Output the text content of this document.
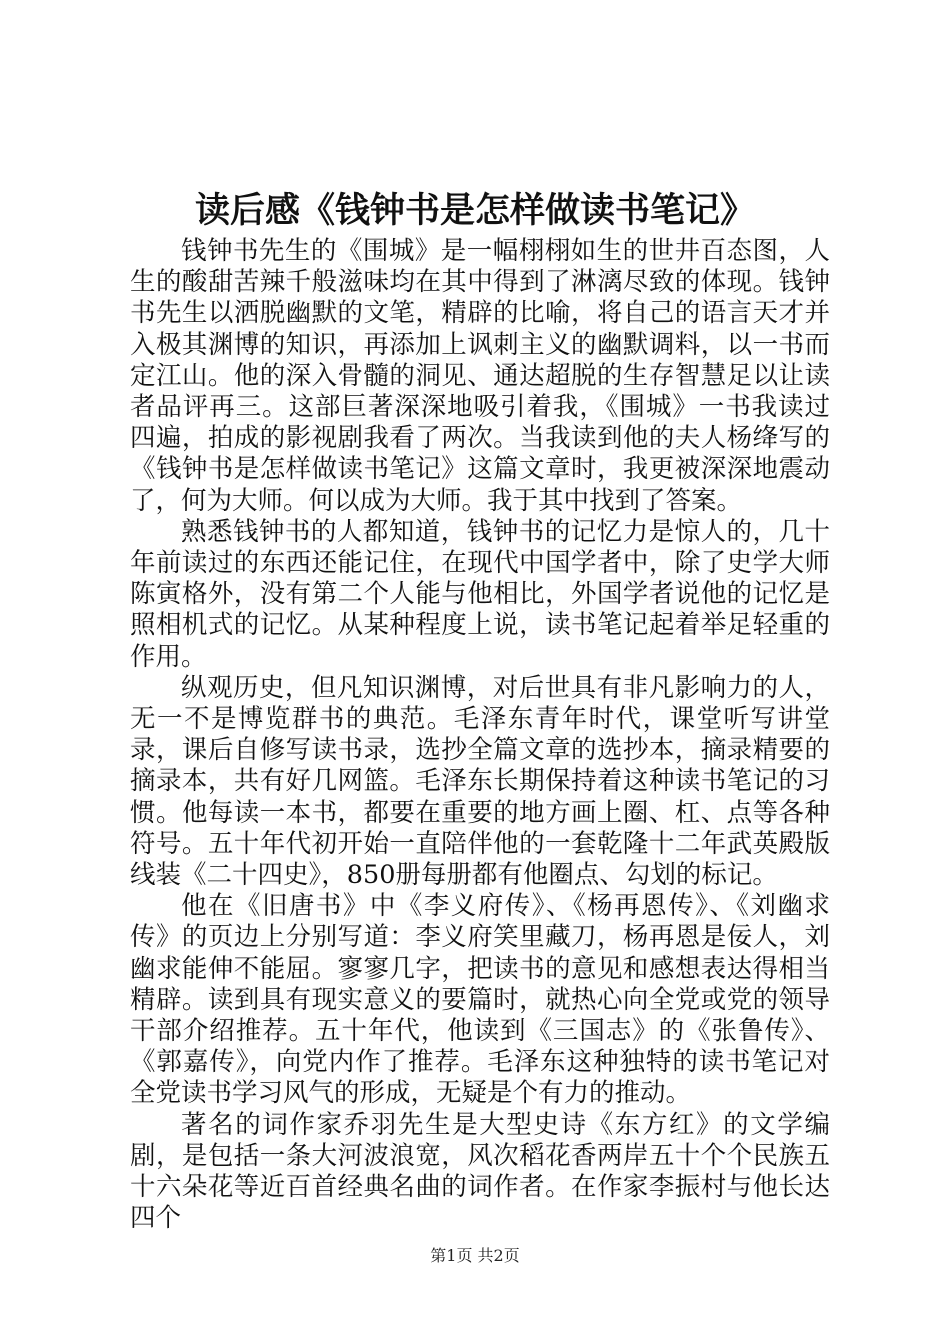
读后感《钱钟书是怎样做读书笔记》

钱钟书先生的《围城》是一幅栩栩如生的世井百态图，人生的酸甜苦辣千般滋味均在其中得到了淋漓尽致的体现。钱钟书先生以洒脱幽默的文笔，精辟的比喻，将自己的语言天才并入极其渊博的知识，再添加上讽刺主义的幽默调料，以一书而定江山。他的深入骨髓的洞见、通达超脱的生存智慧足以让读者品评再三。这部巨著深深地吸引着我，《围城》一书我读过四遍，拍成的影视剧我看了两次。当我读到他的夫人杨绛写的《钱钟书是怎样做读书笔记》这篇文章时，我更被深深地震动了，何为大师。何以成为大师。我于其中找到了答案。

熟悉钱钟书的人都知道，钱钟书的记忆力是惊人的，几十年前读过的东西还能记住，在现代中国学者中，除了史学大师陈寅格外，没有第二个人能与他相比，外国学者说他的记忆是照相机式的记忆。从某种程度上说，读书笔记起着举足轻重的作用。

纵观历史，但凡知识渊博，对后世具有非凡影响力的人，无一不是博览群书的典范。毛泽东青年时代，课堂听写讲堂录，课后自修写读书录，选抄全篇文章的选抄本，摘录精要的摘录本，共有好几网篮。毛泽东长期保持着这种读书笔记的习惯。他每读一本书，都要在重要的地方画上圈、杠、点等各种符号。五十年代初开始一直陪伴他的一套乾隆十二年武英殿版线装《二十四史》，850册每册都有他圈点、勾划的标记。

他在《旧唐书》中《李义府传》、《杨再恩传》、《刘幽求传》的页边上分别写道：李义府笑里藏刀，杨再恩是佞人，刘幽求能伸不能屈。寥寥几字，把读书的意见和感想表达得相当精辟。读到具有现实意义的要篇时，就热心向全党或党的领导干部介绍推荐。五十年代，他读到《三国志》的《张鲁传》、《郭嘉传》，向党内作了推荐。毛泽东这种独特的读书笔记对全党读书学习风气的形成，无疑是个有力的推动。

著名的词作家乔羽先生是大型史诗《东方红》的文学编剧，是包括一条大河波浪宽，风次稻花香两岸五十个个民族五十六朵花等近百首经典名曲的词作者。在作家李振村与他长达四个

第1页 共2页
